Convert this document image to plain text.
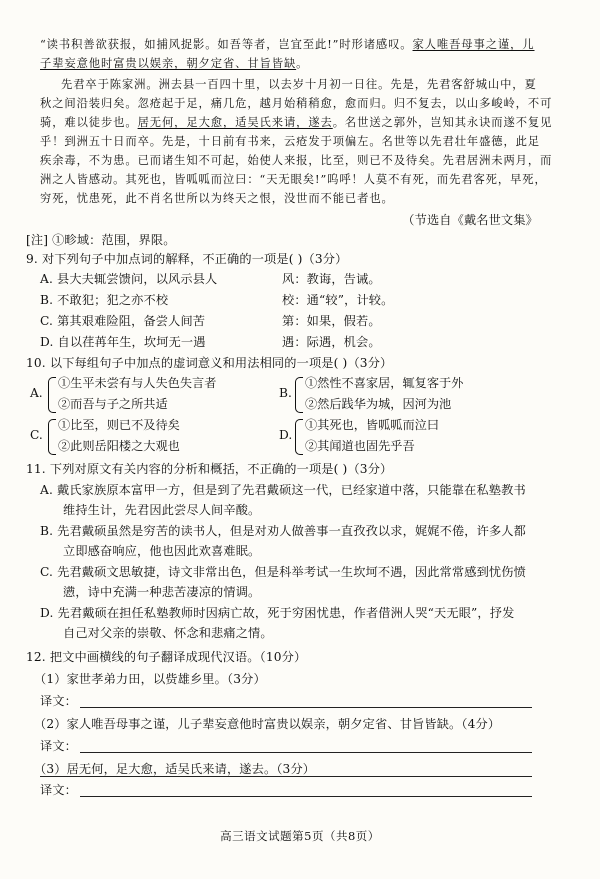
“读书积善欲获报，如捕风捉影。如吾等者，岂宜至此!”时形诸感叹。家人唯吾母事之谨，儿
子辈妄意他时富贵以娱亲，朝夕定省、甘旨皆缺。
先君卒于陈家洲。洲去县一百四十里，以去岁十月初一日往。先是，先君客舒城山中，夏
秋之间沿装归矣。忽疮起于足，痛几危，越月始稍稍愈，愈而归。归不复去，以山多峻岭，不可
骑，难以徒步也。居无何，足大愈，适吴氏来请，遂去。名世送之郭外，岂知其永诀而遂不复见
乎！到洲五十日而卒。先是，十日前有书来，云疮发于项偏左。名世等以先君壮年盛德，此足
疾余毒，不为患。已而诸生知不可起，始使人来报，比至，则已不及待矣。先君居洲未两月，而
洲之人皆感动。其死也，皆呱呱而泣曰：“天无眼矣!”呜呼！人莫不有死，而先君客死，早死，
穷死，忧患死，此不肖名世所以为终天之恨，没世而不能已者也。
（节选自《戴名世文集》
[注] ①畛域：范围，界限。
9. 对下列句子中加点词的解释，不正确的一项是( )（3分）
A. 县大夫辄尝馈问，以风示县人	风：教诲，告诫。
B. 不敢犯；犯之亦不校	校：通“较”，计较。
C. 第其艰难险阻，备尝人间苦	第：如果，假若。
D. 自以荏苒年生，坎坷无一遇	遇：际遇，机会。
10. 以下每组句子中加点的虚词意义和用法相同的一项是( )（3分）
A.
①生平未尝有与人失色失言者
②而吾与子之所共适
B.
①然性不喜家居，辄复客于外
②然后践华为城，因河为池
C.
①比至，则已不及待矣
②此则岳阳楼之大观也
D.
①其死也，皆呱呱而泣曰
②其闻道也固先乎吾
11. 下列对原文有关内容的分析和概括，不正确的一项是( )（3分）
A. 戴氏家族原本富甲一方，但是到了先君戴硕这一代，已经家道中落，只能靠在私塾教书
维持生计，先君因此尝尽人间辛酸。
B. 先君戴硕虽然是穷苦的读书人，但是对劝人做善事一直孜孜以求，娓娓不倦，许多人都
立即感奋响应，他也因此欢喜难眠。
C. 先君戴硕文思敏捷，诗文非常出色，但是科举考试一生坎坷不遇，因此常常感到忧伤愤
懑，诗中充满一种悲苦凄凉的情调。
D. 先君戴硕在担任私塾教师时因病亡故，死于穷困忧患，作者借洲人哭“天无眼”，抒发
自己对父亲的崇敬、怀念和悲痛之情。
12. 把文中画横线的句子翻译成现代汉语。（10分）
（1）家世孝弟力田，以赀雄乡里。（3分）
译文：
（2）家人唯吾母事之谨，儿子辈妄意他时富贵以娱亲，朝夕定省、甘旨皆缺。（4分）
译文：
（3）居无何，足大愈，适吴氏来请，遂去。（3分）
译文：
高三语文试题第5页（共8页）
